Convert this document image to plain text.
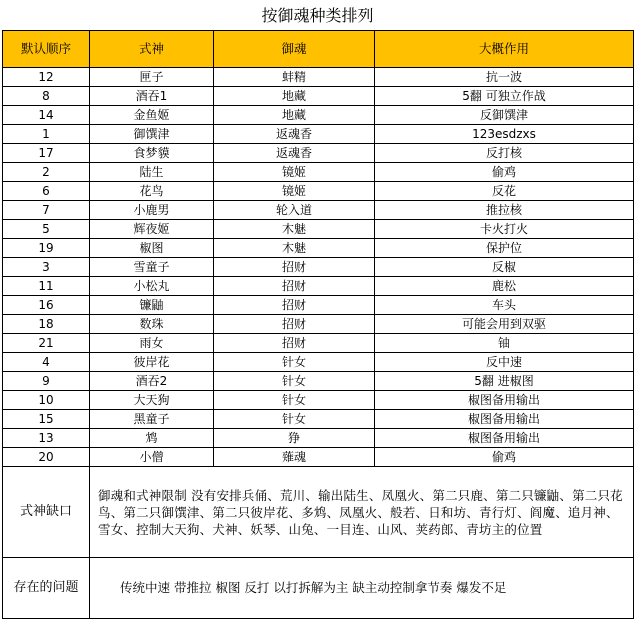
按御魂种类排列
默认顺序	式神	御魂	大概作用
12	匣子	蚌精	抗一波
8	酒吞1	地藏	5翻 可独立作战
14	金鱼姬	地藏	反御馔津
1	御馔津	返魂香	123esdzxs
17	食梦貘	返魂香	反打核
2	陆生	镜姬	偷鸡
6	花鸟	镜姬	反花
7	小鹿男	轮入道	推拉核
5	辉夜姬	木魅	卡火打火
19	椒图	木魅	保护位
3	雪童子	招财	反椒
11	小松丸	招财	鹿松
16	镰鼬	招财	车头
18	数珠	招财	可能会用到双驱
21	雨女	招财	铀
4	彼岸花	针女	反中速
9	酒吞2	针女	5翻 进椒图
10	大天狗	针女	椒图备用输出
15	黑童子	针女	椒图备用输出
13	鸩	狰	椒图备用输出
20	小僧	薙魂	偷鸡
式神缺口	御魂和式神限制 没有安排兵俑、荒川、输出陆生、凤凰火、第二只鹿、第二只镰鼬、第二只花鸟、第二只御馔津、第二只彼岸花、多鸩、凤凰火、般若、日和坊、青行灯、阎魔、追月神、雪女、控制大天狗、犬神、妖琴、山兔、一目连、山风、荚药郎、青坊主的位置		
存在的问题	传统中速 带推拉 椒图 反打 以打拆解为主 缺主动控制拿节奏 爆发不足		
